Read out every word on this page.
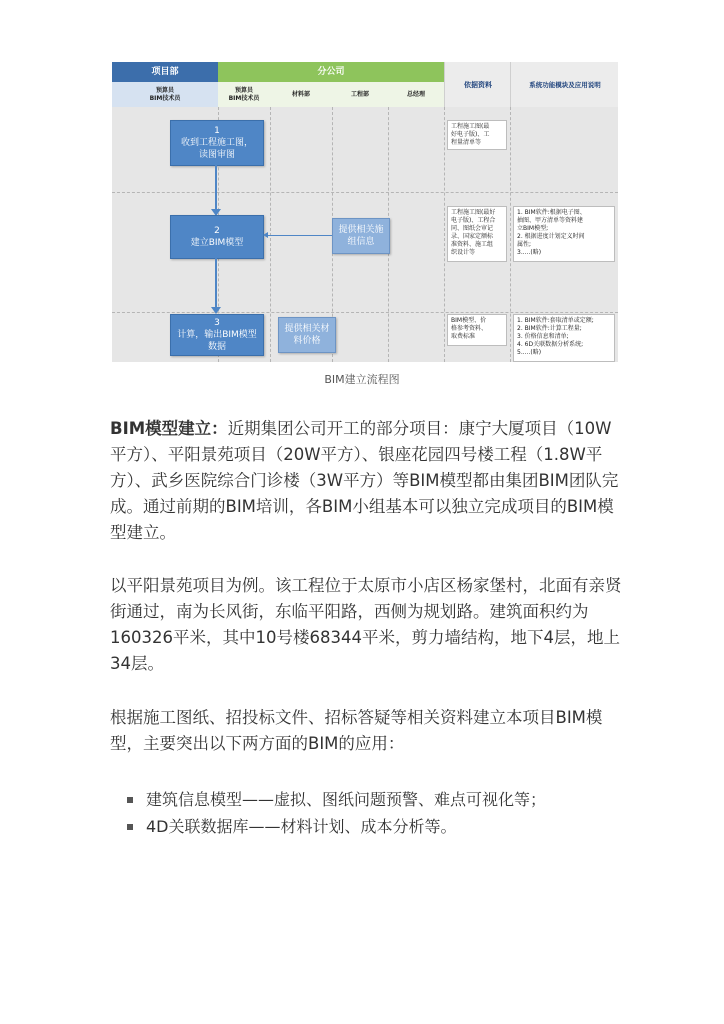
项目部	分公司
依据资料	系统功能模块及应用说明
预算员
BIM技术员
预算员
BIM技术员
材料部	工程部	总经理
1
收到工程施工图，读图审图
2
建立BIM模型
3
计算，输出BIM模型数据
提供相关施组信息
提供相关材料价格
工程施工图(最
好电子版)、工
程量清单等
工程施工图(最好
电子版)、工程合
同、图纸会审记
录、国家定额标
准资料、施工组
织设计等
BIM模型、价
格参考资料、
取费标准
1. BIM软件:根据电子图、
抽图、甲方清单等资料建
立BIM模型;
2. 根据进度计划定义时间
属性;
3.....(略)
1. BIM软件:套取清单或定额;
2. BIM软件:计算工程量;
3. 价格信息和清单;
4. 6D关联数据分析系统;
5.....(略)
BIM建立流程图

BIM模型建立：近期集团公司开工的部分项目：康宁大厦项目（10W平方）、平阳景苑项目（20W平方）、银座花园四号楼工程（1.8W平方）、武乡医院综合门诊楼（3W平方）等BIM模型都由集团BIM团队完成。通过前期的BIM培训，各BIM小组基本可以独立完成项目的BIM模型建立。

以平阳景苑项目为例。该工程位于太原市小店区杨家堡村，北面有亲贤街通过，南为长风街，东临平阳路，西侧为规划路。建筑面积约为160326平米，其中10号楼68344平米，剪力墙结构，地下4层，地上34层。

根据施工图纸、招投标文件、招标答疑等相关资料建立本项目BIM模型，主要突出以下两方面的BIM的应用：

建筑信息模型——虚拟、图纸问题预警、难点可视化等；
4D关联数据库——材料计划、成本分析等。
